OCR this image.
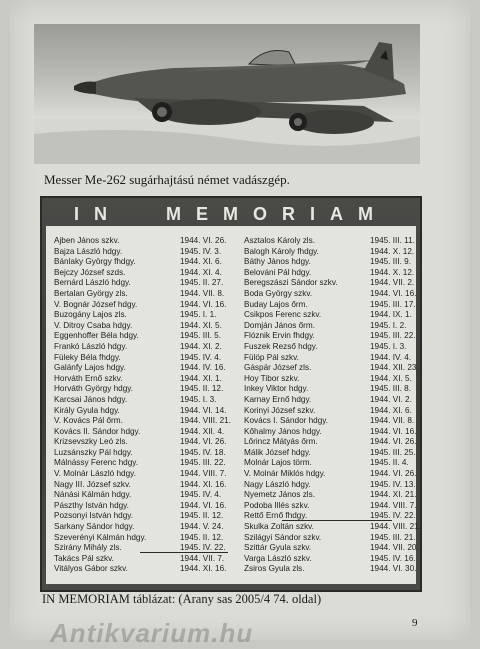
Messer Me-262 sugárhajtású német vadászgép.
IN MEMORIAM
Ajben János szkv.	1944. VI. 26.
Bajza László hdgy.	1945. IV. 3.
Bánlaky György fhdgy.	1944. XI. 6.
Bejczy József szds.	1944. XI. 4.
Bernárd László hdgy.	1945. II. 27.
Bertalan György zls.	1944. VII. 8.
V. Bognár József hdgy.	1944. VI. 16.
Buzogány Lajos zls.	1945. I. 1.
V. Ditroy Csaba hdgy.	1944. XI. 5.
Eggenhoffer Béla hdgy.	1945. III. 5.
Frankó László hdgy.	1944. XI. 2.
Füleky Béla fhdgy.	1945. IV. 4.
Galánfy Lajos hdgy.	1944. IV. 16.
Horváth Ernő szkv.	1944. XI. 1.
Horváth György hdgy.	1945. II. 12.
Karcsai János hdgy.	1945. I. 3.
Király Gyula hdgy.	1944. VI. 14.
V. Kovács Pál őrm.	1944. VIII. 21.
Kovács II. Sándor hdgy.	1944. XII. 4.
Krizsevszky Leó zls.	1944. VI. 26.
Luzsánszky Pál hdgy.	1945. IV. 18.
Málnássy Ferenc hdgy.	1945. III. 22.
V. Molnár László hdgy.	1944. VIII. 7.
Nagy III. József szkv.	1944. XI. 16.
Nánási Kálmán hdgy.	1945. IV. 4.
Pászthy István hdgy.	1944. VI. 16.
Pozsonyi István hdgy.	1945. II. 12.
Sarkany Sándor hdgy.	1944. V. 24.
Szeverényi Kálmán hdgy.	1945. II. 12.
Szirány Mihály zls.	1945. IV. 22.
Takács Pál szkv.	1944. VII. 7.
Vitályos Gábor szkv.	1944. XI. 16.
Asztalos Károly zls.	1945. III. 11.
Balogh Károly fhdgy.	1944. X. 12.
Báthy János hdgy.	1945. III. 9.
Belováni Pál hdgy.	1944. X. 12.
Beregszászi Sándor szkv.	1944. VII. 2.
Boda György szkv.	1944. VI. 16.
Buday Lajos őrm.	1945. III. 17.
Csikpos Ferenc szkv.	1944. IX. 1.
Domján János őrm.	1945. I. 2.
Flóznik Ervin fhdgy.	1945. III. 22.
Fuszek Rezső hdgy.	1945. I. 3.
Fülöp Pál szkv.	1944. IV. 4.
Gáspár József zls.	1944. XII. 23.
Hoy Tibor szkv.	1944. XI. 5.
Inkey Viktor hdgy.	1945. III. 8.
Karnay Ernő hdgy.	1944. VI. 2.
Korinyi József szkv.	1944. XI. 6.
Kovács I. Sándor hdgy.	1944. VII. 8.
Kőhalmy János hdgy.	1944. VI. 16.
Lőrincz Mátyás őrm.	1944. VI. 26.
Málik József hdgy.	1945. III. 25.
Molnár Lajos törm.	1945. II. 4.
V. Molnár Miklós hdgy.	1944. VI. 26.
Nagy László hdgy.	1945. IV. 13.
Nyemetz János zls.	1944. XI. 21.
Podoba Illés szkv.	1944. VIII. 7.
Rettő Ernő fhdgy.	1945. IV. 22.
Skulka Zoltán szkv.	1944. VIII. 21.
Szilágyi Sándor szkv.	1945. III. 21.
Szittár Gyula szkv.	1944. VII. 20.
Varga László szkv.	1945. IV. 16.
Zsiros Gyula zls.	1944. VI. 30.
IN MEMORIAM táblázat: (Arany sas 2005/4 74. oldal)
9
Antikvarium.hu
